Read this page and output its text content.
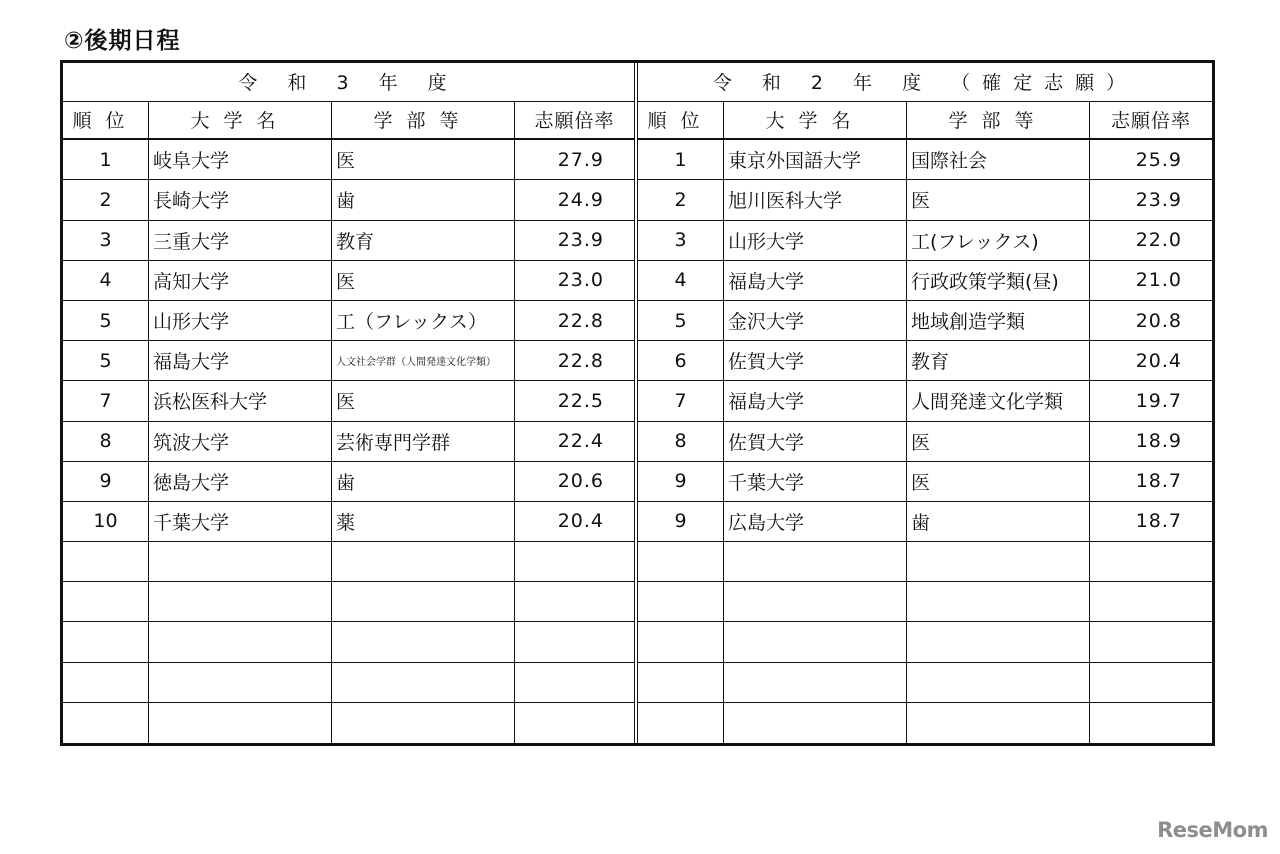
②後期日程
令 和 3 年 度
順位	大学名	学部等	志願倍率
1	岐阜大学	医	27.9
2	長崎大学	歯	24.9
3	三重大学	教育	23.9
4	高知大学	医	23.0
5	山形大学	工（フレックス）	22.8
5	福島大学	人文社会学群（人間発達文化学類）	22.8
7	浜松医科大学	医	22.5
8	筑波大学	芸術専門学群	22.4
9	徳島大学	歯	20.6
10	千葉大学	薬	20.4
令 和 2 年 度 （確定志願）
順位	大学名	学部等	志願倍率
1	東京外国語大学	国際社会	25.9
2	旭川医科大学	医	23.9
3	山形大学	工(フレックス)	22.0
4	福島大学	行政政策学類(昼)	21.0
5	金沢大学	地域創造学類	20.8
6	佐賀大学	教育	20.4
7	福島大学	人間発達文化学類	19.7
8	佐賀大学	医	18.9
9	千葉大学	医	18.7
9	広島大学	歯	18.7
ReseMom
